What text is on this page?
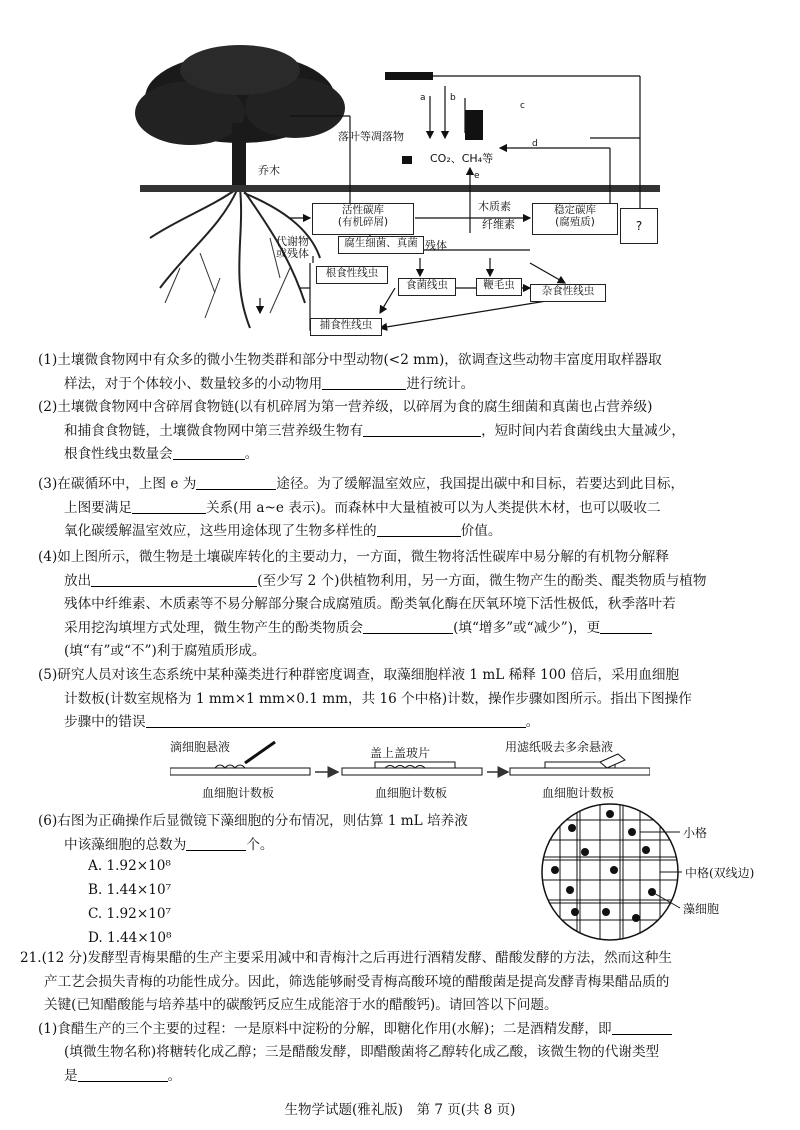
a	b
c
d
e
乔木
落叶等凋落物
CO₂、CH₄等
活性碳库
(有机碎屑)
木质素
纤维素
稳定碳库
(腐殖质)	?
腐生细菌、真菌 残体
代谢物
或残体
根食性线虫
食菌线虫	鞭毛虫	杂食性线虫
捕食性线虫
(1)土壤微食物网中有众多的微小生物类群和部分中型动物(<2 mm)，欲调查这些动物丰富度用取样器取
样法，对于个体较小、数量较多的小动物用	进行统计。
(2)土壤微食物网中含碎屑食物链(以有机碎屑为第一营养级，以碎屑为食的腐生细菌和真菌也占营养级)
和捕食食物链，土壤微食物网中第三营养级生物有	，短时间内若食菌线虫大量减少，
根食性线虫数量会	。
(3)在碳循环中，上图 e 为	途径。为了缓解温室效应，我国提出碳中和目标，若要达到此目标，
上图要满足	关系(用 a~e 表示)。而森林中大量植被可以为人类提供木材，也可以吸收二
氧化碳缓解温室效应，这些用途体现了生物多样性的	价值。
(4)如上图所示，微生物是土壤碳库转化的主要动力，一方面，微生物将活性碳库中易分解的有机物分解释
放出	(至少写 2 个)供植物利用，另一方面，微生物产生的酚类、醌类物质与植物
残体中纤维素、木质素等不易分解部分聚合成腐殖质。酚类氧化酶在厌氧环境下活性极低，秋季落叶若
采用挖沟填埋方式处理，微生物产生的酚类物质会	(填“增多”或“减少”)，更
(填“有”或“不”)利于腐殖质形成。
(5)研究人员对该生态系统中某种藻类进行种群密度调查，取藻细胞样液 1 mL 稀释 100 倍后，采用血细胞
计数板(计数室规格为 1 mm×1 mm×0.1 mm，共 16 个中格)计数，操作步骤如图所示。指出下图操作
步骤中的错误	。
滴细胞悬液	盖上盖玻片	用滤纸吸去多余悬液
血细胞计数板	血细胞计数板	血细胞计数板
(6)右图为正确操作后显微镜下藻细胞的分布情况，则估算 1 mL 培养液
中该藻细胞的总数为	个。
A. 1.92×10⁸
B. 1.44×10⁷
C. 1.92×10⁷
D. 1.44×10⁸
小格
中格(双线边)
藻细胞
21.(12 分)发酵型青梅果醋的生产主要采用减中和青梅汁之后再进行酒精发酵、醋酸发酵的方法，然而这种生
产工艺会损失青梅的功能性成分。因此，筛选能够耐受青梅高酸环境的醋酸菌是提高发酵青梅果醋品质的
关键(已知醋酸能与培养基中的碳酸钙反应生成能溶于水的醋酸钙)。请回答以下问题。
(1)食醋生产的三个主要的过程：一是原料中淀粉的分解，即糖化作用(水解)；二是酒精发酵，即
(填微生物名称)将糖转化成乙醇；三是醋酸发酵，即醋酸菌将乙醇转化成乙酸，该微生物的代谢类型
是	。
生物学试题(雅礼版)　第 7 页(共 8 页)
